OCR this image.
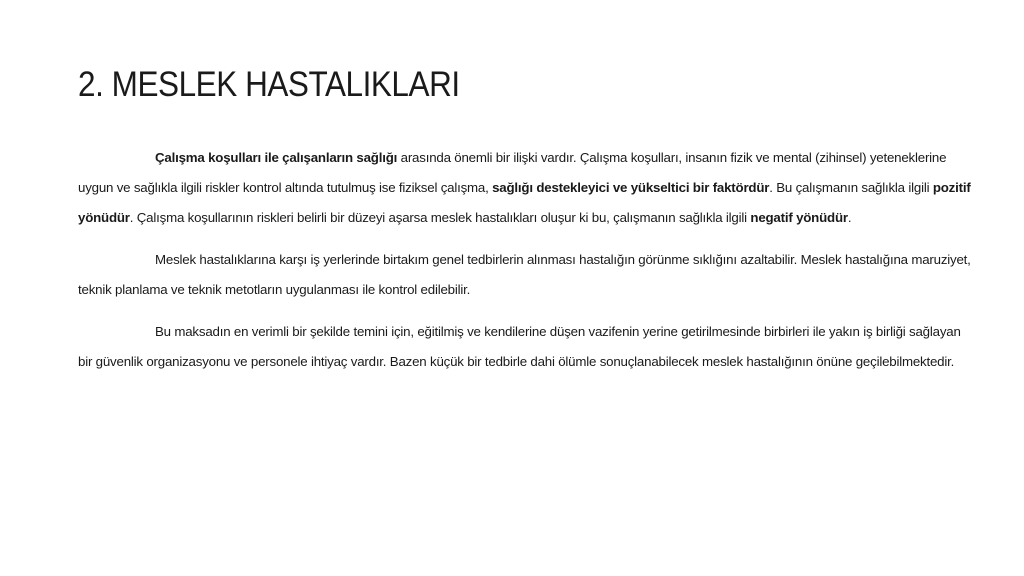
2. MESLEK HASTALIKLARI

Çalışma koşulları ile çalışanların sağlığı arasında önemli bir ilişki vardır. Çalışma koşulları, insanın fizik ve mental (zihinsel) yeteneklerine uygun ve sağlıkla ilgili riskler kontrol altında tutulmuş ise fiziksel çalışma, sağlığı destekleyici ve yükseltici bir faktördür. Bu çalışmanın sağlıkla ilgili pozitif yönüdür. Çalışma koşullarının riskleri belirli bir düzeyi aşarsa meslek hastalıkları oluşur ki bu, çalışmanın sağlıkla ilgili negatif yönüdür.

Meslek hastalıklarına karşı iş yerlerinde birtakım genel tedbirlerin alınması hastalığın görünme sıklığını azaltabilir. Meslek hastalığına maruziyet, teknik planlama ve teknik metotların uygulanması ile kontrol edilebilir.

Bu maksadın en verimli bir şekilde temini için, eğitilmiş ve kendilerine düşen vazifenin yerine getirilmesinde birbirleri ile yakın iş birliği sağlayan bir güvenlik organizasyonu ve personele ihtiyaç vardır. Bazen küçük bir tedbirle dahi ölümle sonuçlanabilecek meslek hastalığının önüne geçilebilmektedir.
